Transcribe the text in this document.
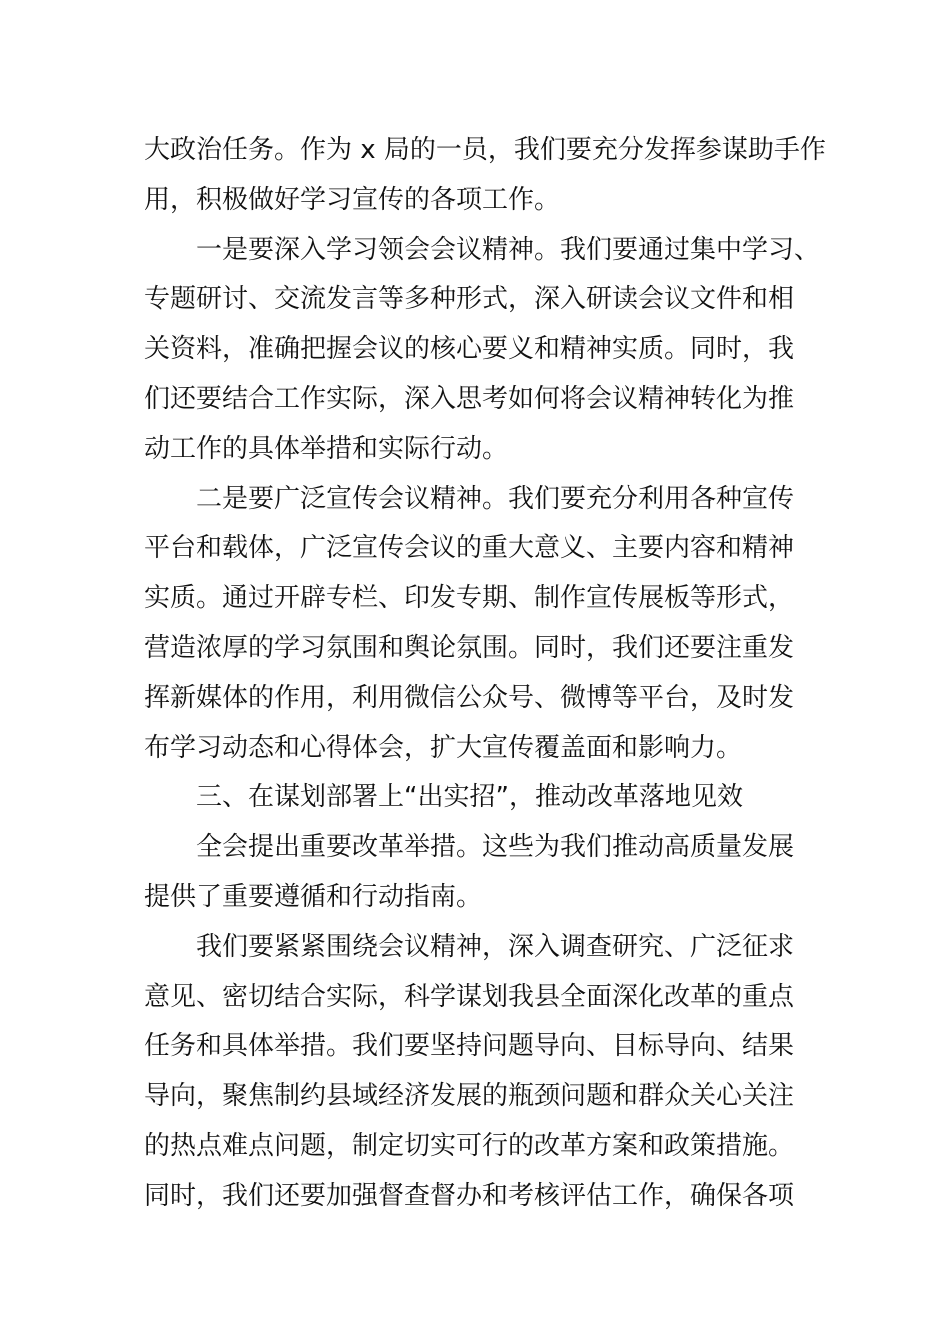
大政治任务。作为 x 局的一员，我们要充分发挥参谋助手作
用，积极做好学习宣传的各项工作。
一是要深入学习领会会议精神。我们要通过集中学习、
专题研讨、交流发言等多种形式，深入研读会议文件和相
关资料，准确把握会议的核心要义和精神实质。同时，我
们还要结合工作实际，深入思考如何将会议精神转化为推
动工作的具体举措和实际行动。
二是要广泛宣传会议精神。我们要充分利用各种宣传
平台和载体，广泛宣传会议的重大意义、主要内容和精神
实质。通过开辟专栏、印发专期、制作宣传展板等形式，
营造浓厚的学习氛围和舆论氛围。同时，我们还要注重发
挥新媒体的作用，利用微信公众号、微博等平台，及时发
布学习动态和心得体会，扩大宣传覆盖面和影响力。
三、在谋划部署上“出实招”，推动改革落地见效
全会提出重要改革举措。这些为我们推动高质量发展
提供了重要遵循和行动指南。
我们要紧紧围绕会议精神，深入调查研究、广泛征求
意见、密切结合实际，科学谋划我县全面深化改革的重点
任务和具体举措。我们要坚持问题导向、目标导向、结果
导向，聚焦制约县域经济发展的瓶颈问题和群众关心关注
的热点难点问题，制定切实可行的改革方案和政策措施。
同时，我们还要加强督查督办和考核评估工作，确保各项
